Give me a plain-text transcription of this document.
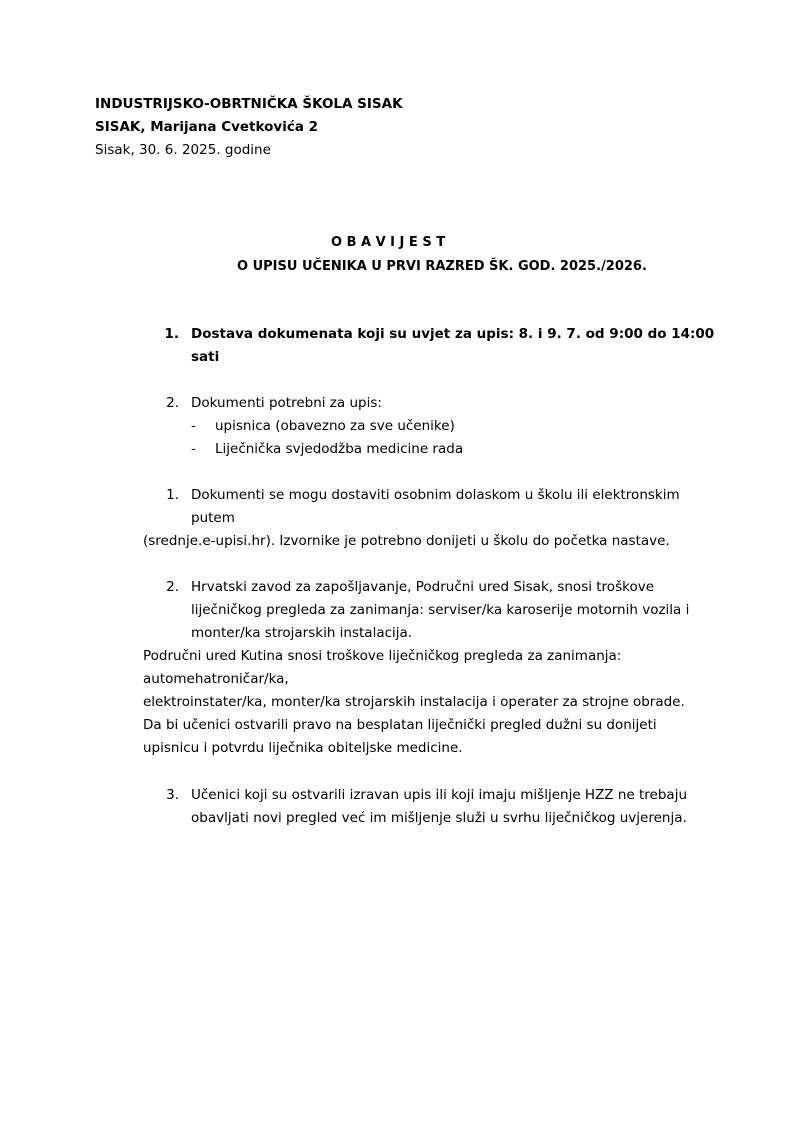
INDUSTRIJSKO-OBRTNIČKA ŠKOLA SISAK
SISAK, Marijana Cvetkovića 2
Sisak, 30. 6. 2025. godine
O B A V I J E S T
O UPISU UČENIKA U PRVI RAZRED ŠK. GOD. 2025./2026.
1. Dostava dokumenata koji su uvjet za upis: 8. i 9. 7. od 9:00 do 14:00
sati
2. Dokumenti potrebni za upis:
- upisnica (obavezno za sve učenike)
- Liječnička svjedodžba medicine rada
1. Dokumenti se mogu dostaviti osobnim dolaskom u školu ili elektronskim
putem
(srednje.e-upisi.hr). Izvornike je potrebno donijeti u školu do početka nastave.
2. Hrvatski zavod za zapošljavanje, Područni ured Sisak, snosi troškove
liječničkog pregleda za zanimanja: serviser/ka karoserije motornih vozila i
monter/ka strojarskih instalacija.
Područni ured Kutina snosi troškove liječničkog pregleda za zanimanja:
automehatroničar/ka,
elektroinstater/ka, monter/ka strojarskih instalacija i operater za strojne obrade.
Da bi učenici ostvarili pravo na besplatan liječnički pregled dužni su donijeti
upisnicu i potvrdu liječnika obiteljske medicine.
3. Učenici koji su ostvarili izravan upis ili koji imaju mišljenje HZZ ne trebaju
obavljati novi pregled već im mišljenje služi u svrhu liječničkog uvjerenja.
